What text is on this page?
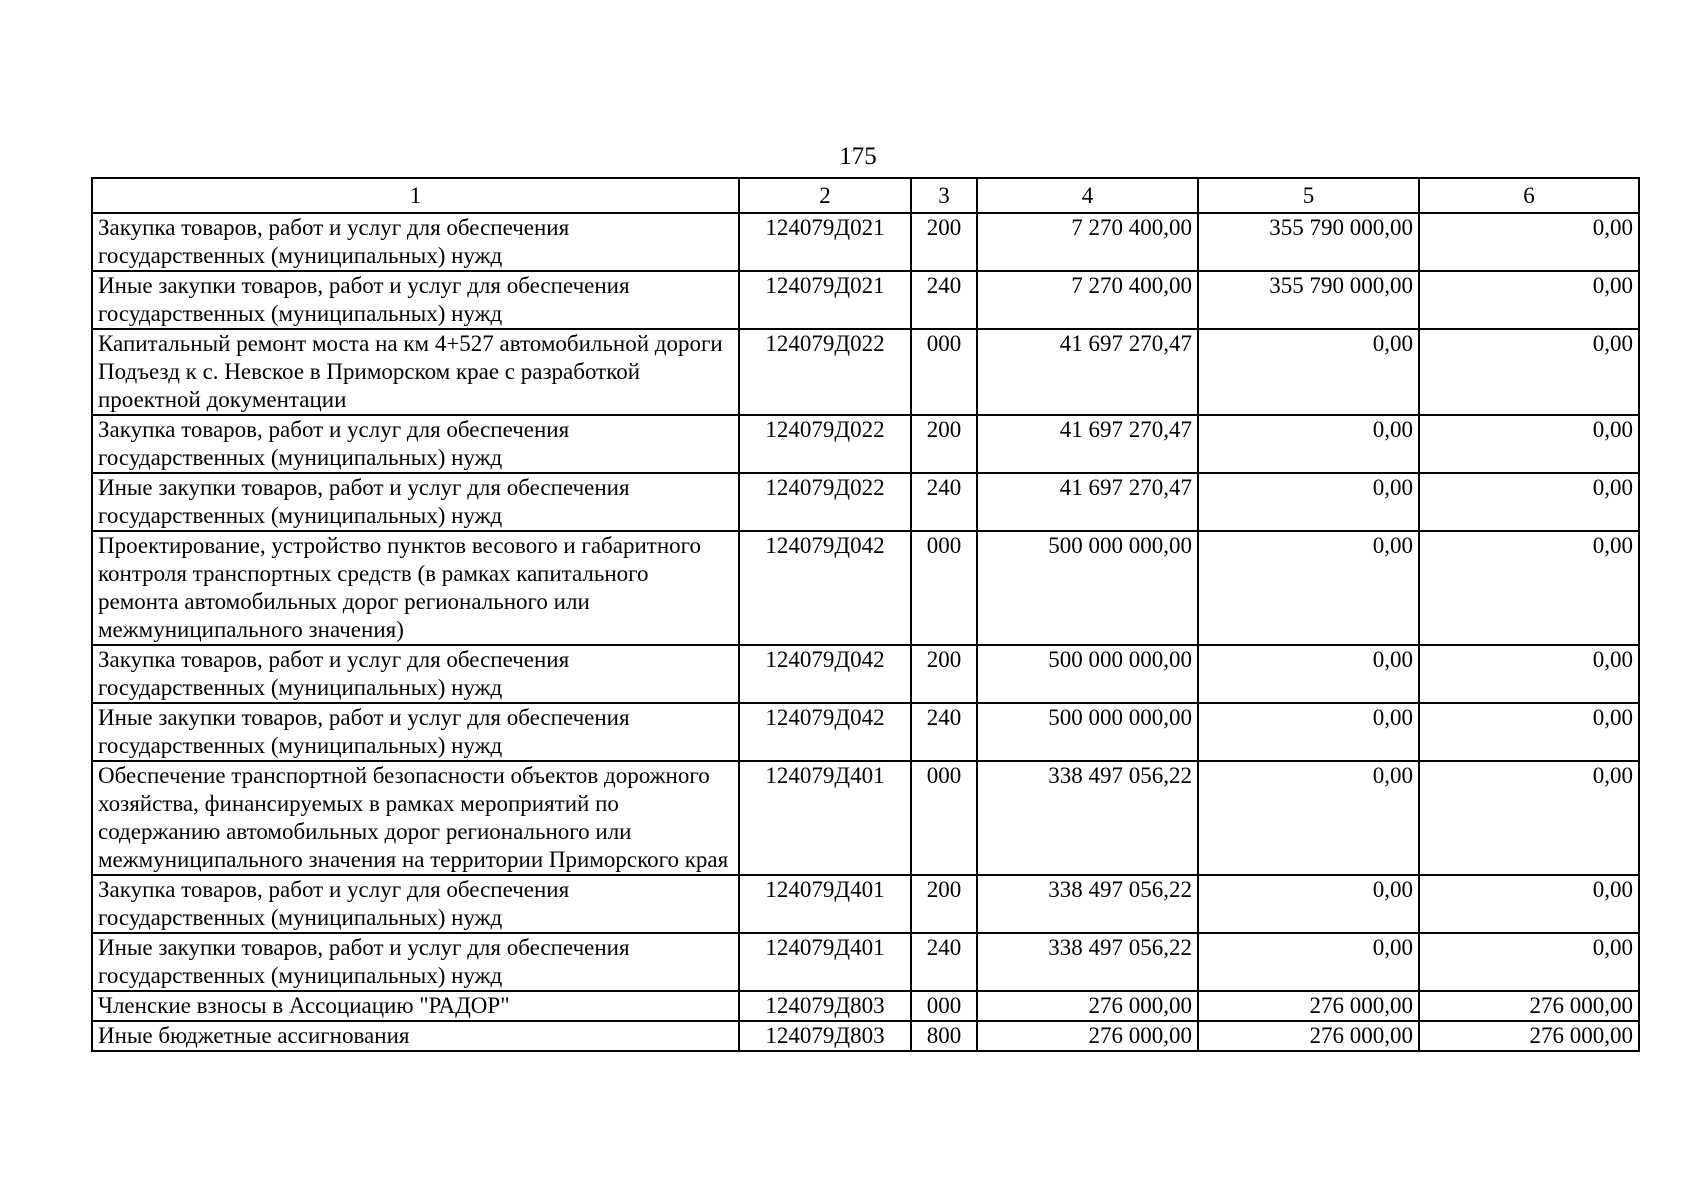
175
1	2	3	4	5	6
Закупка товаров, работ и услуг для обеспечения государственных (муниципальных) нужд	124079Д021	200	7 270 400,00	355 790 000,00	0,00

Иные закупки товаров, работ и услуг для обеспечения государственных (муниципальных) нужд	124079Д021	240	7 270 400,00	355 790 000,00	0,00

Капитальный ремонт моста на км 4+527 автомобильной дороги Подъезд к с. Невское в Приморском крае с разработкой проектной документации	124079Д022	000	41 697 270,47	0,00	0,00

Закупка товаров, работ и услуг для обеспечения государственных (муниципальных) нужд	124079Д022	200	41 697 270,47	0,00	0,00

Иные закупки товаров, работ и услуг для обеспечения государственных (муниципальных) нужд	124079Д022	240	41 697 270,47	0,00	0,00

Проектирование, устройство пунктов весового и габаритного контроля транспортных средств (в рамках капитального ремонта автомобильных дорог регионального или межмуниципального значения)	124079Д042	000	500 000 000,00	0,00	0,00

Закупка товаров, работ и услуг для обеспечения государственных (муниципальных) нужд	124079Д042	200	500 000 000,00	0,00	0,00

Иные закупки товаров, работ и услуг для обеспечения государственных (муниципальных) нужд	124079Д042	240	500 000 000,00	0,00	0,00

Обеспечение транспортной безопасности объектов дорожного хозяйства, финансируемых в рамках мероприятий по содержанию автомобильных дорог регионального или межмуниципального значения на территории Приморского края	124079Д401	000	338 497 056,22	0,00	0,00

Закупка товаров, работ и услуг для обеспечения государственных (муниципальных) нужд	124079Д401	200	338 497 056,22	0,00	0,00

Иные закупки товаров, работ и услуг для обеспечения государственных (муниципальных) нужд	124079Д401	240	338 497 056,22	0,00	0,00

Членские взносы в Ассоциацию "РАДОР"	124079Д803	000	276 000,00	276 000,00	276 000,00

Иные бюджетные ассигнования	124079Д803	800	276 000,00	276 000,00	276 000,00
